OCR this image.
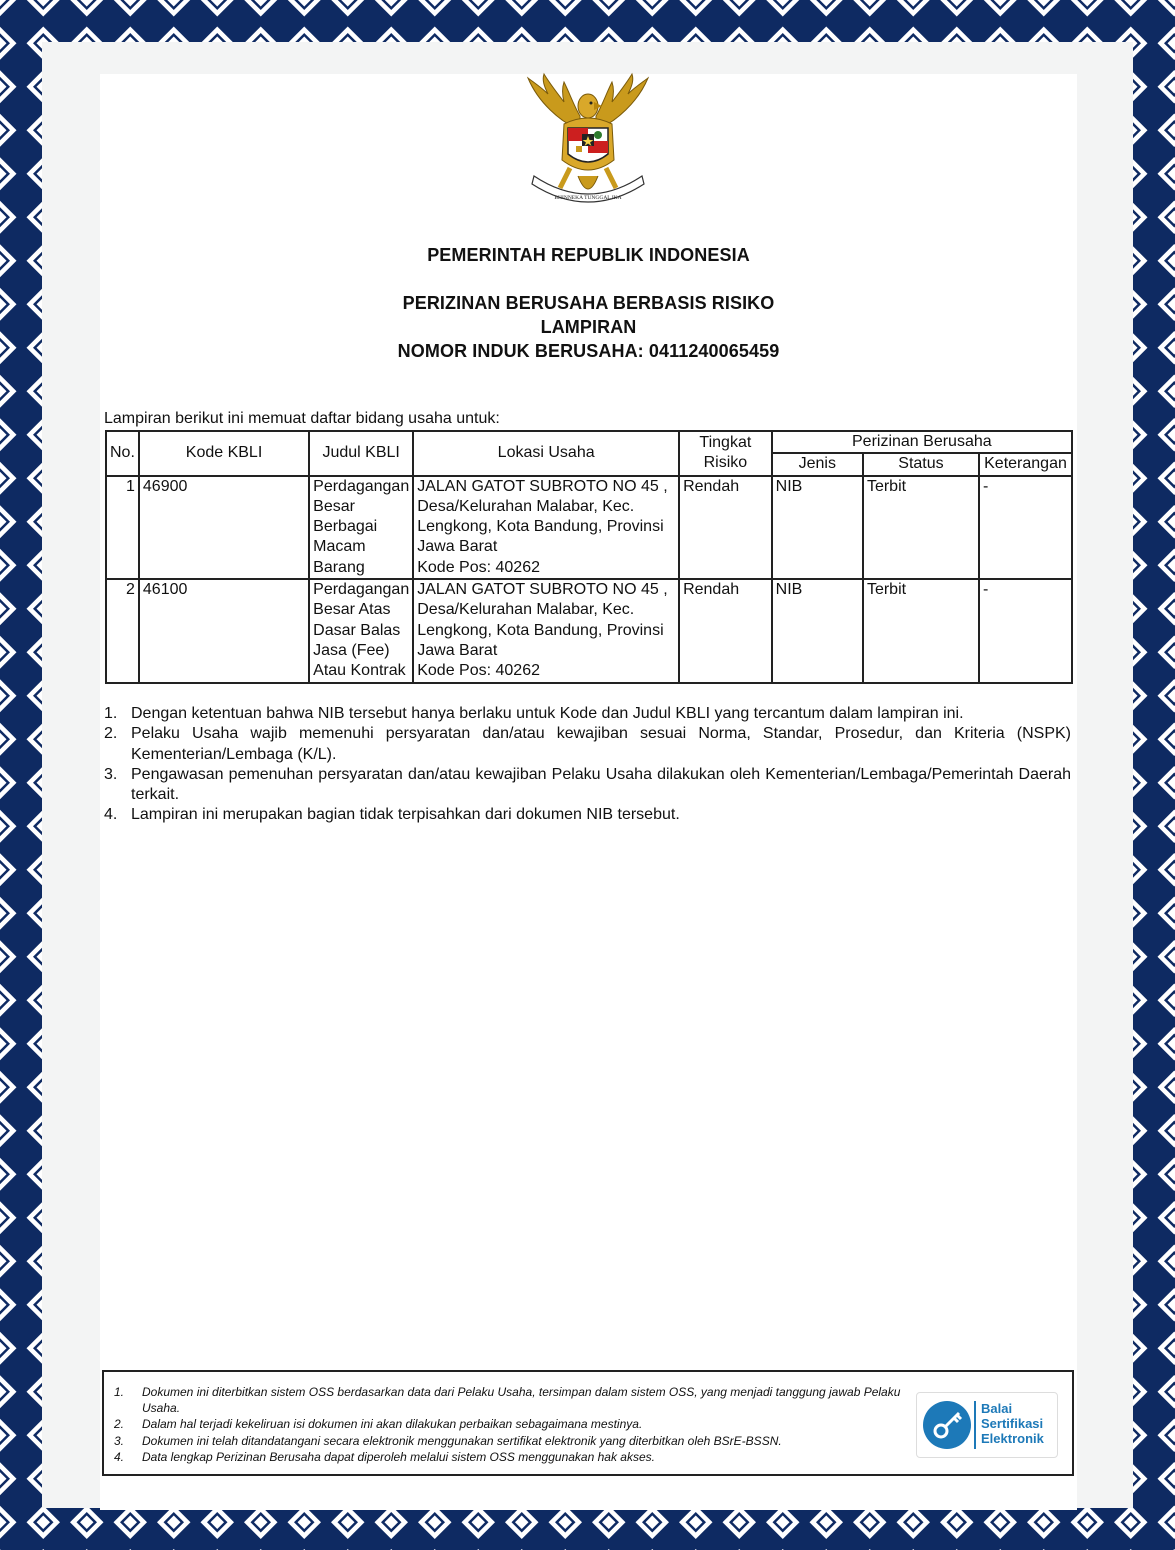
BHINNEKA TUNGGAL IKA
PEMERINTAH REPUBLIK INDONESIA
PERIZINAN BERUSAHA BERBASIS RISIKO
LAMPIRAN
NOMOR INDUK BERUSAHA: 0411240065459
Lampiran berikut ini memuat daftar bidang usaha untuk:
No.	Kode KBLI	Judul KBLI	Lokasi Usaha	Tingkat
Risiko	Perizinan Berusaha		
					Jenis	Status	Keterangan
1	46900	Perdagangan
Besar
Berbagai
Macam
Barang	JALAN GATOT SUBROTO NO 45 ,
Desa/Kelurahan Malabar, Kec.
Lengkong, Kota Bandung, Provinsi
Jawa Barat
Kode Pos: 40262	Rendah	NIB	Terbit	-
2	46100	Perdagangan
Besar Atas
Dasar Balas
Jasa (Fee)
Atau Kontrak	JALAN GATOT SUBROTO NO 45 ,
Desa/Kelurahan Malabar, Kec.
Lengkong, Kota Bandung, Provinsi
Jawa Barat
Kode Pos: 40262	Rendah	NIB	Terbit	-
1. Dengan ketentuan bahwa NIB tersebut hanya berlaku untuk Kode dan Judul KBLI yang tercantum dalam lampiran ini.
2. Pelaku Usaha wajib memenuhi persyaratan dan/atau kewajiban sesuai Norma, Standar, Prosedur, dan Kriteria (NSPK) Kementerian/Lembaga (K/L).
3. Pengawasan pemenuhan persyaratan dan/atau kewajiban Pelaku Usaha dilakukan oleh Kementerian/Lembaga/Pemerintah Daerah terkait.
4. Lampiran ini merupakan bagian tidak terpisahkan dari dokumen NIB tersebut.
1.	Dokumen ini diterbitkan sistem OSS berdasarkan data dari Pelaku Usaha, tersimpan dalam sistem OSS, yang menjadi tanggung jawab Pelaku Usaha.
2.	Dalam hal terjadi kekeliruan isi dokumen ini akan dilakukan perbaikan sebagaimana mestinya.
3.	Dokumen ini telah ditandatangani secara elektronik menggunakan sertifikat elektronik yang diterbitkan oleh BSrE-BSSN.
4.	Data lengkap Perizinan Berusaha dapat diperoleh melalui sistem OSS menggunakan hak akses.
Balai
Sertifikasi
Elektronik
